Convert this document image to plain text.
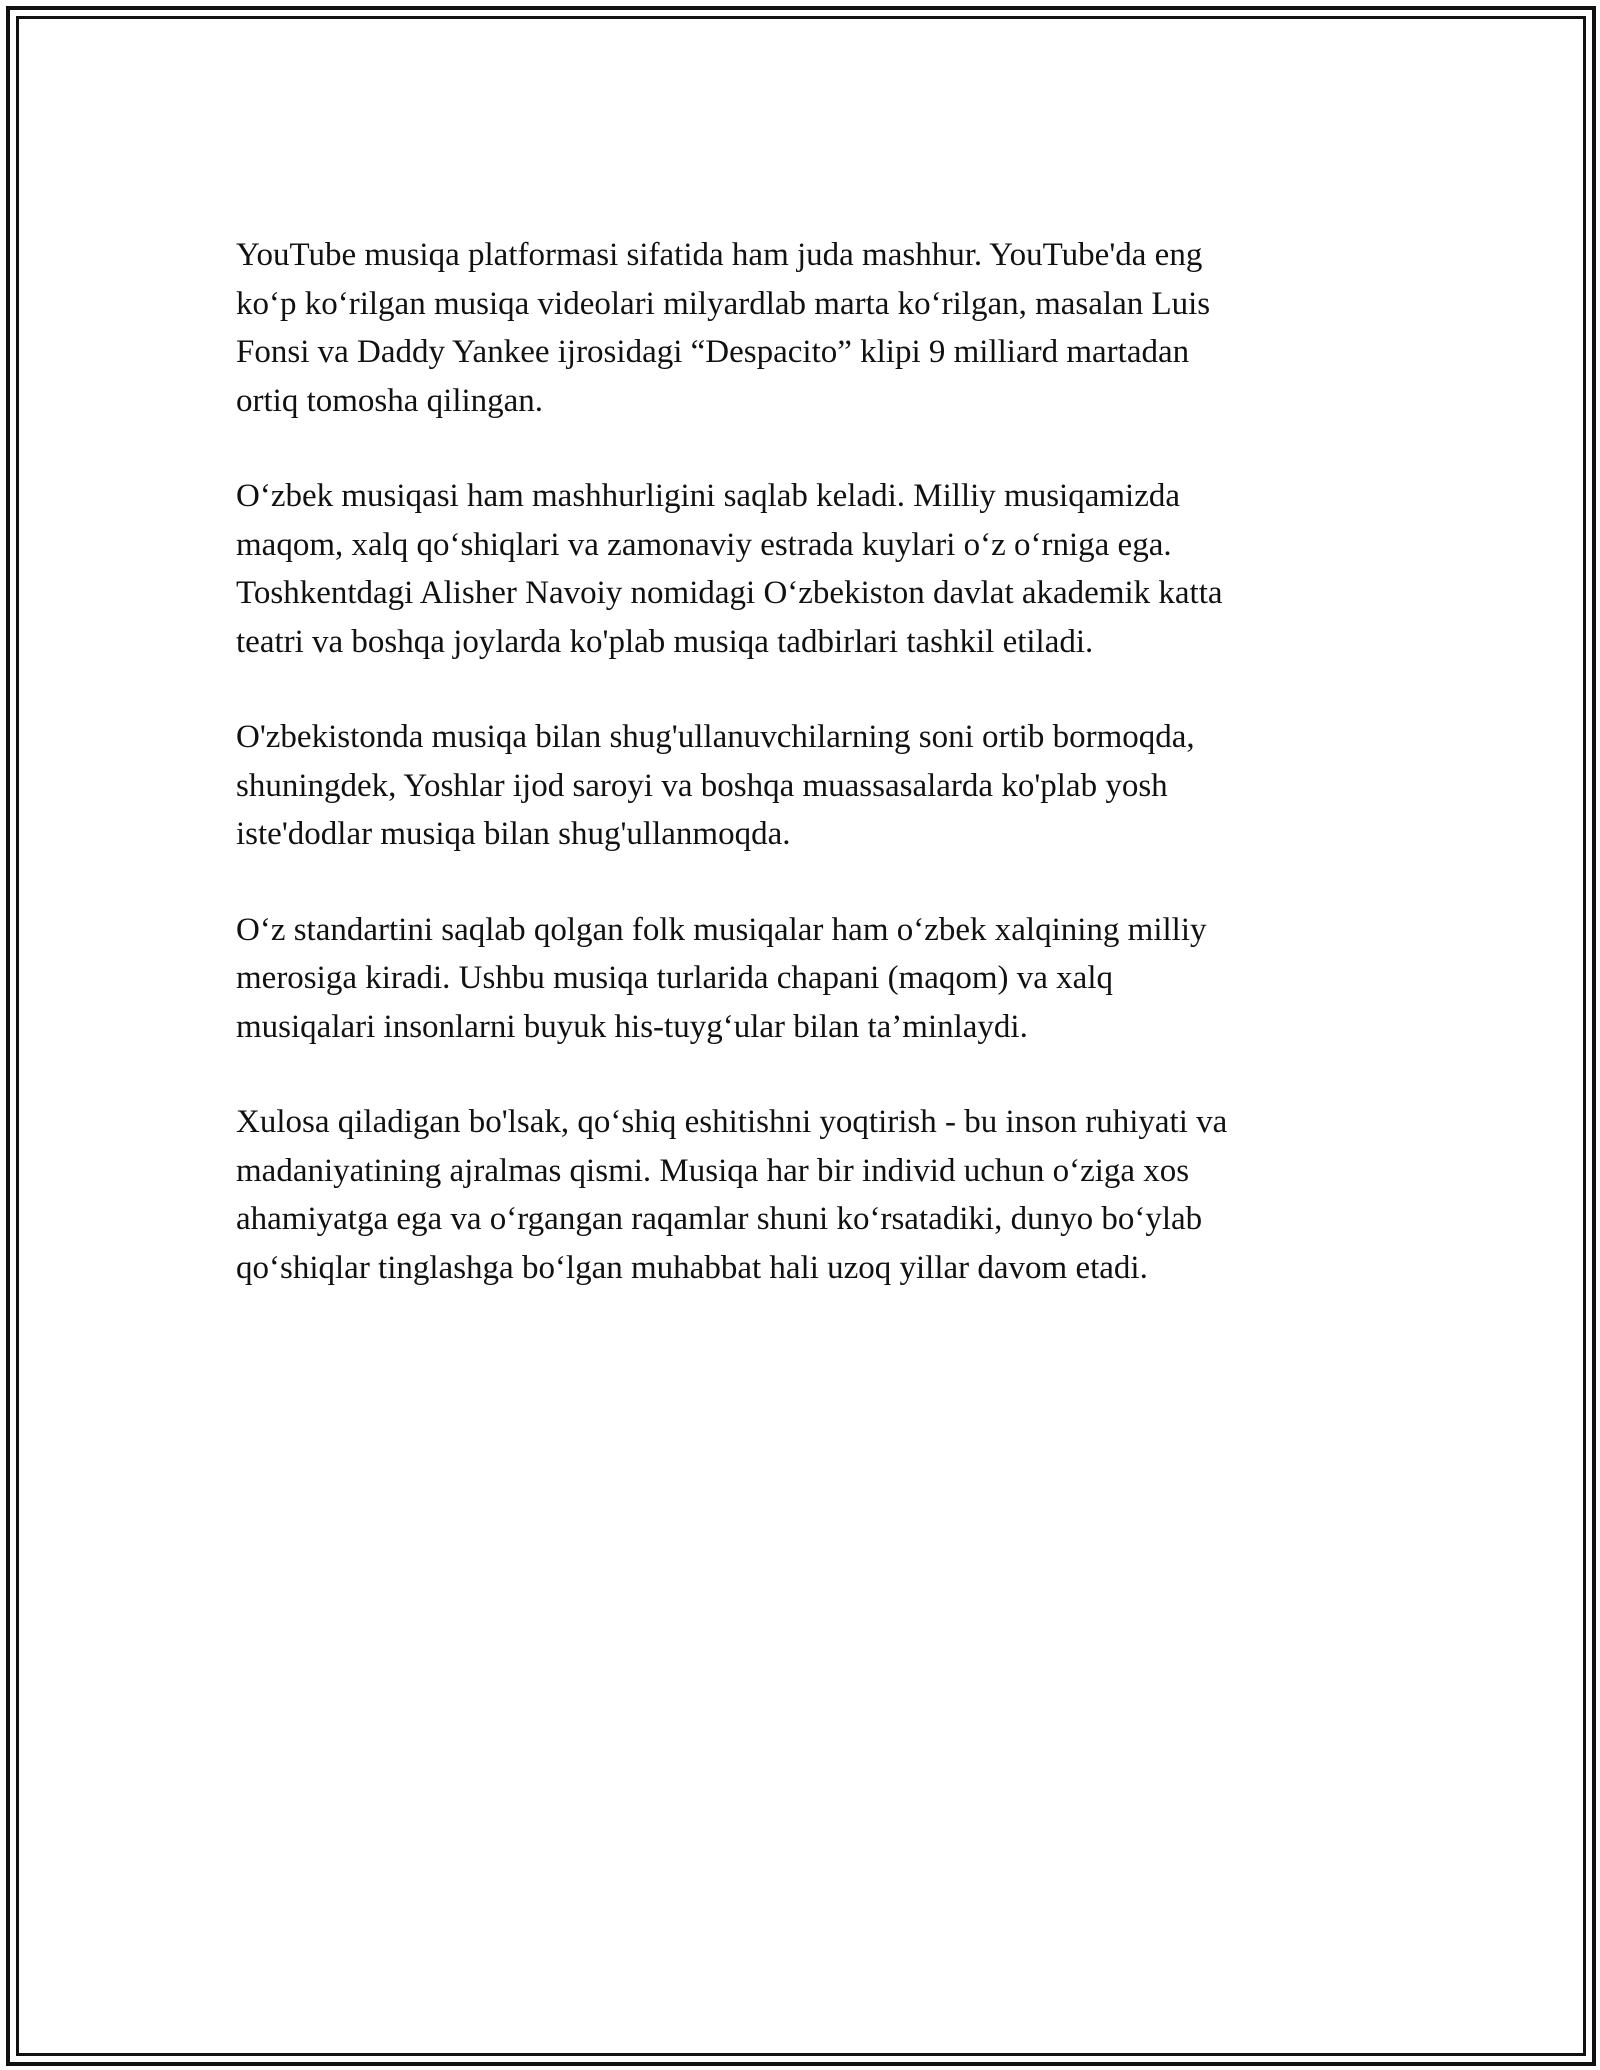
YouTube musiqa platformasi sifatida ham juda mashhur. YouTube'da eng
ko‘p ko‘rilgan musiqa videolari milyardlab marta ko‘rilgan, masalan Luis
Fonsi va Daddy Yankee ijrosidagi “Despacito” klipi 9 milliard martadan
ortiq tomosha qilingan.

O‘zbek musiqasi ham mashhurligini saqlab keladi. Milliy musiqamizda
maqom, xalq qo‘shiqlari va zamonaviy estrada kuylari o‘z o‘rniga ega.
Toshkentdagi Alisher Navoiy nomidagi O‘zbekiston davlat akademik katta
teatri va boshqa joylarda ko'plab musiqa tadbirlari tashkil etiladi.

O'zbekistonda musiqa bilan shug'ullanuvchilarning soni ortib bormoqda,
shuningdek, Yoshlar ijod saroyi va boshqa muassasalarda ko'plab yosh
iste'dodlar musiqa bilan shug'ullanmoqda.

O‘z standartini saqlab qolgan folk musiqalar ham o‘zbek xalqining milliy
merosiga kiradi. Ushbu musiqa turlarida chapani (maqom) va xalq
musiqalari insonlarni buyuk his-tuyg‘ular bilan ta’minlaydi.

Xulosa qiladigan bo'lsak, qo‘shiq eshitishni yoqtirish - bu inson ruhiyati va
madaniyatining ajralmas qismi. Musiqa har bir individ uchun o‘ziga xos
ahamiyatga ega va o‘rgangan raqamlar shuni ko‘rsatadiki, dunyo bo‘ylab
qo‘shiqlar tinglashga bo‘lgan muhabbat hali uzoq yillar davom etadi.
